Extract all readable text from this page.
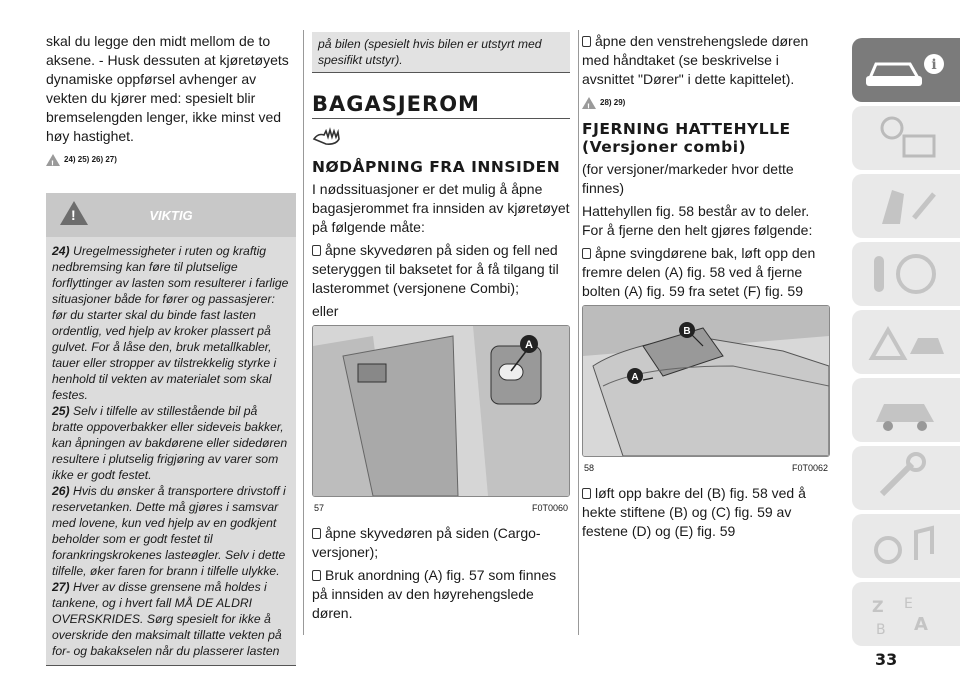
skal du legge den midt mellom de to aksene. - Husk dessuten at kjøretøyets dynamiske oppførsel avhenger av vekten du kjører med: spesielt blir bremselengden lenger, ikke minst ved høy hastighet.

!
24) 25) 26) 27)
!
VIKTIG
24) Uregelmessigheter i ruten og kraftig nedbremsing kan føre til plutselige forflyttinger av lasten som resulterer i farlige situasjoner både for fører og passasjerer: før du starter skal du binde fast lasten ordentlig, ved hjelp av kroker plassert på gulvet. For å låse den, bruk metallkabler, tauer eller stropper av tilstrekkelig styrke i henhold til vekten av materialet som skal festes.
25) Selv i tilfelle av stillestående bil på bratte oppoverbakker eller sideveis bakker, kan åpningen av bakdørene eller sidedøren resultere i plutselig frigjøring av varer som ikke er godt festet.
26) Hvis du ønsker å transportere drivstoff i reservetanken. Dette må gjøres i samsvar med lovene, kun ved hjelp av en godkjent beholder som er godt festet til forankringskrokenes lasteøgler. Selv i dette tilfelle, øker faren for brann i tilfelle ulykke.
27) Hver av disse grensene må holdes i tankene, og i hvert fall MÅ DE ALDRI OVERSKRIDES. Sørg spesielt for ikke å overskride den maksimalt tillatte vekten på for- og bakakselen når du plasserer lasten
på bilen (spesielt hvis bilen er utstyrt med spesifikt utstyr).
BAGASJEROM
NØDÅPNING FRA INNSIDEN

I nødssituasjoner er det mulig å åpne bagasjerommet fra innsiden av kjøretøyet på følgende måte:

åpne skyvedøren på siden og fell ned seteryggen til baksetet for å få tilgang til lasterommet (versjonene Combi);

eller

A
57	F0T0060

åpne skyvedøren på siden (Cargo-versjoner);

Bruk anordning (A) fig. 57 som finnes på innsiden av den høyrehengslede døren.

åpne den venstrehengslede døren med håndtaket (se beskrivelse i avsnittet "Dører" i dette kapittelet).

!
28) 29)
FJERNING HATTEHYLLE (Versjoner combi)

(for versjoner/markeder hvor dette finnes)

Hattehyllen fig. 58 består av to deler. For å fjerne den helt gjøres følgende:

åpne svingdørene bak, løft opp den fremre delen (A) fig. 58 ved å fjerne bolten (A) fig. 59 fra setet (F) fig. 59

B
A
58	F0T0062

løft opp bakre del (B) fig. 58 ved å hekte stiftene (B) og (C) fig. 59 av festene (D) og (E) fig. 59

i
Z E
A
B
33
